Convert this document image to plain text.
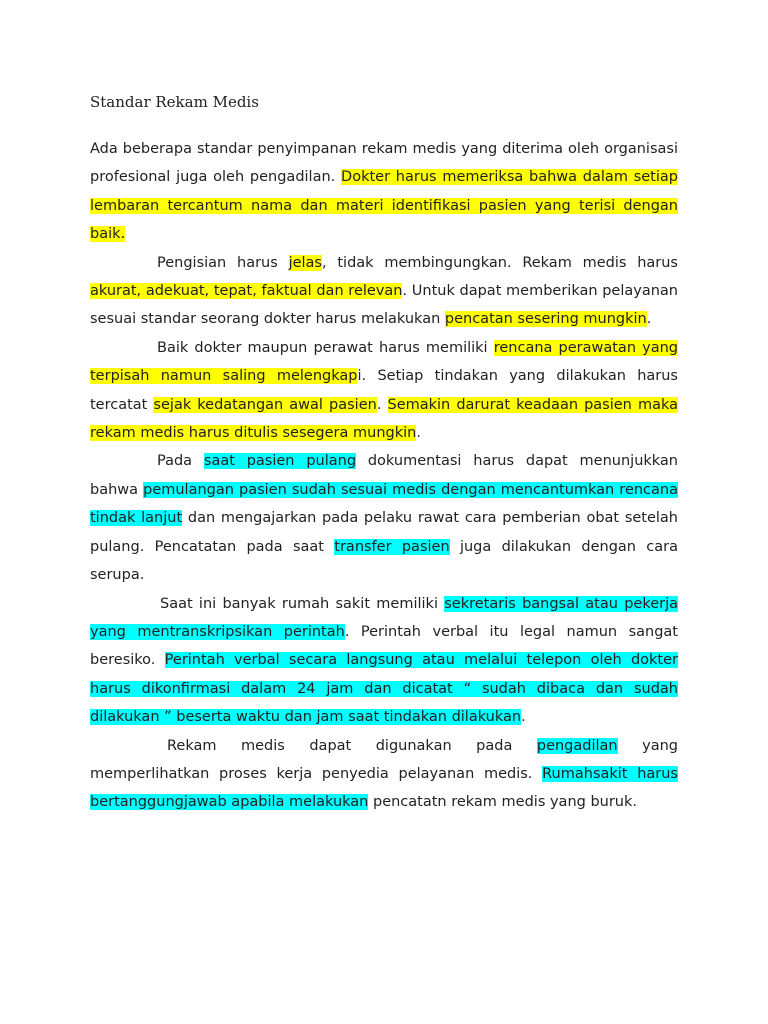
Standar Rekam Medis

Ada beberapa standar penyimpanan rekam medis yang diterima oleh organisasi profesional juga oleh pengadilan. Dokter harus memeriksa bahwa dalam setiap lembaran tercantum nama dan materi identifikasi pasien yang terisi dengan baik.

Pengisian harus jelas, tidak membingungkan. Rekam medis harus akurat, adekuat, tepat, faktual dan relevan. Untuk dapat memberikan pelayanan sesuai standar seorang dokter harus melakukan pencatan sesering mungkin.

Baik dokter maupun perawat harus memiliki rencana perawatan yang terpisah namun saling melengkapi. Setiap tindakan yang dilakukan harus tercatat sejak kedatangan awal pasien. Semakin darurat keadaan pasien maka rekam medis harus ditulis sesegera mungkin.

Pada saat pasien pulang dokumentasi harus dapat menunjukkan bahwa pemulangan pasien sudah sesuai medis dengan mencantumkan rencana tindak lanjut dan mengajarkan pada pelaku rawat cara pemberian obat setelah pulang. Pencatatan pada saat transfer pasien juga dilakukan dengan cara serupa.

Saat ini banyak rumah sakit memiliki sekretaris bangsal atau pekerja yang mentranskripsikan perintah. Perintah verbal itu legal namun sangat beresiko. Perintah verbal secara langsung atau melalui telepon oleh dokter harus dikonfirmasi dalam 24 jam dan dicatat “ sudah dibaca dan sudah dilakukan ” beserta waktu dan jam saat tindakan dilakukan.

Rekam medis dapat digunakan pada pengadilan yang memperlihatkan proses kerja penyedia pelayanan medis. Rumahsakit harus bertanggungjawab apabila melakukan pencatatn rekam medis yang buruk.
